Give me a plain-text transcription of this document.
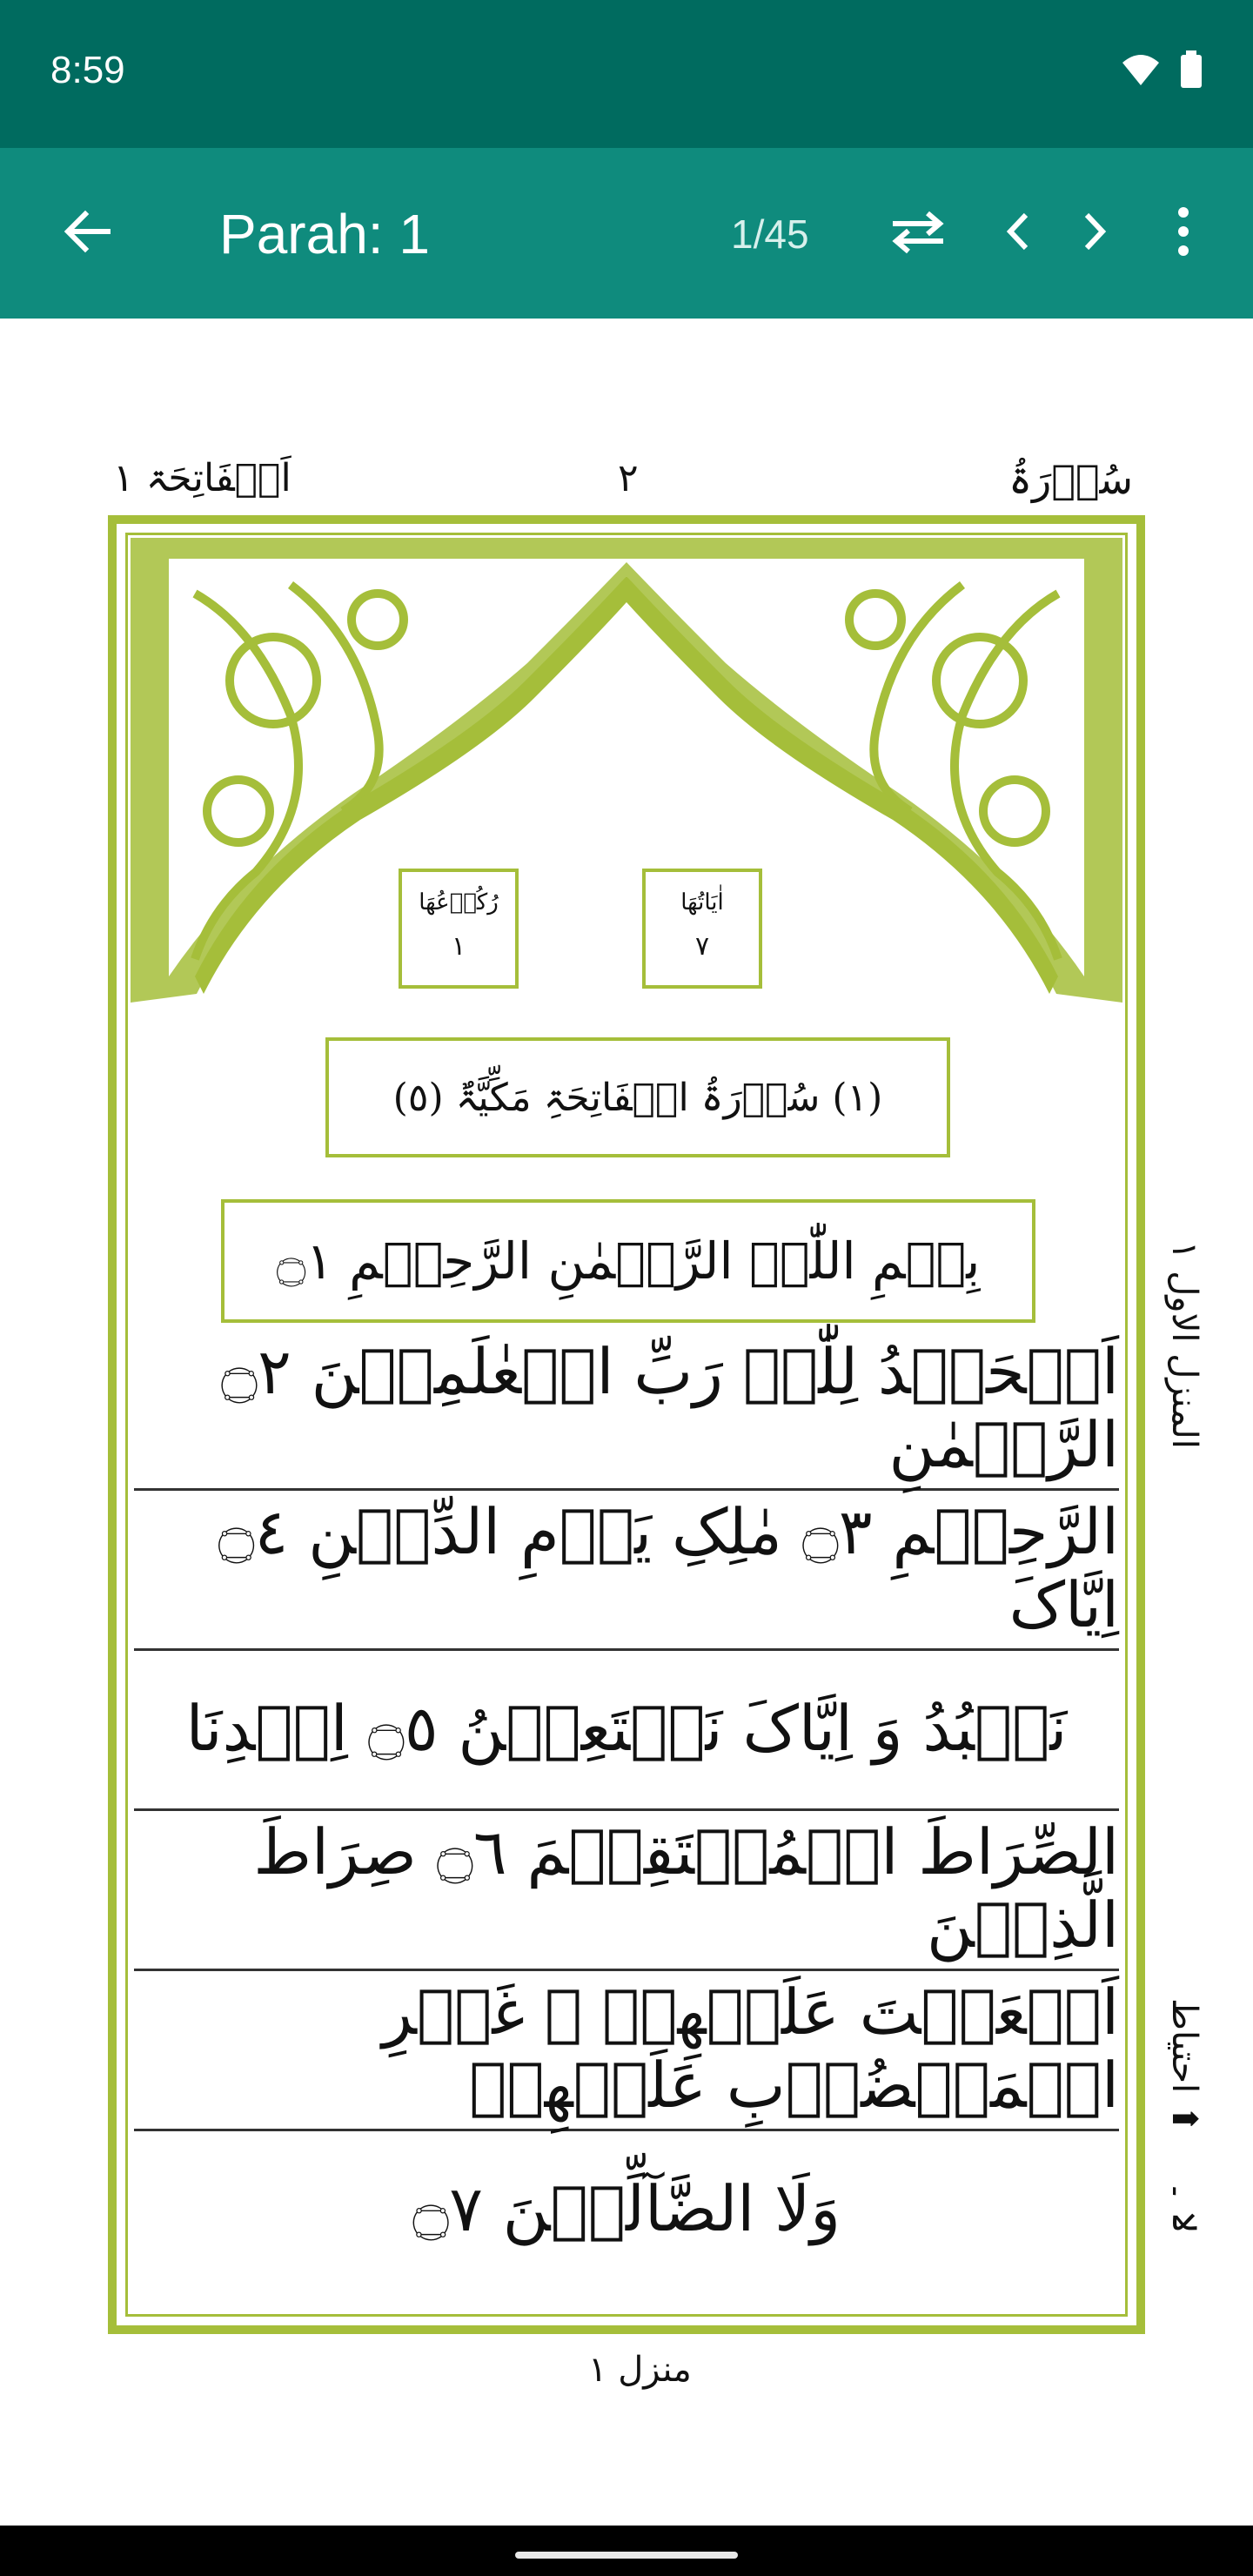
8:59
Parah: 1	1/45
سُوۡرَۃُ
٢
اَلۡفَاتِحَۃ ١
اٰیَاتُھَا
٧
رُکُوۡعُھَا
١
(١) سُوۡرَۃُ الۡفَاتِحَۃِ مَکِّیَّۃٌ (٥)
بِسۡمِ اللّٰہِ الرَّحۡمٰنِ الرَّحِیۡمِ ۝١
اَلۡحَمۡدُ لِلّٰہِ رَبِّ الۡعٰلَمِیۡنَ ۝٢ الرَّحۡمٰنِ
الرَّحِیۡمِ ۝٣ مٰلِکِ یَوۡمِ الدِّیۡنِ ۝٤ اِیَّاکَ
نَعۡبُدُ وَ اِیَّاکَ نَسۡتَعِیۡنُ ۝٥ اِھۡدِنَا
الصِّرَاطَ الۡمُسۡتَقِیۡمَ ۝٦ صِرَاطَ الَّذِیۡنَ
اَنۡعَمۡتَ عَلَیۡھِمۡ ۙ غَیۡرِ الۡمَغۡضُوۡبِ عَلَیۡھِمۡ
وَلَا الضَّآلِّیۡنَ ۝٧
المنزل الاول ١
احتیاط ⬆
لا ۔
منزل ١
